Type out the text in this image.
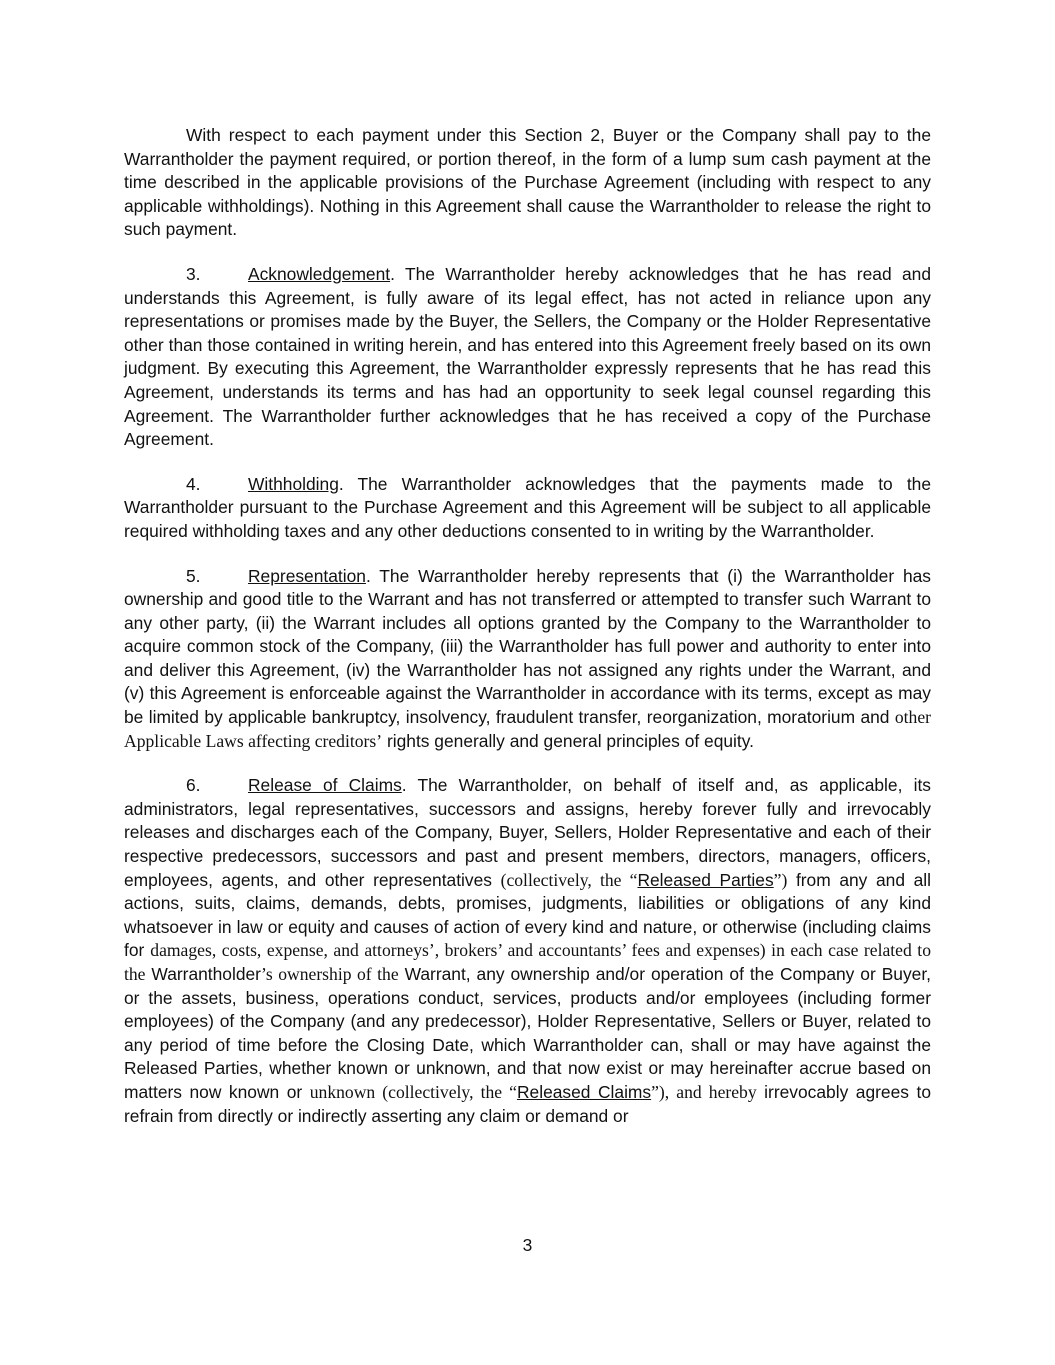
With respect to each payment under this Section 2, Buyer or the Company shall pay to the Warrantholder the payment required, or portion thereof, in the form of a lump sum cash payment at the time described in the applicable provisions of the Purchase Agreement (including with respect to any applicable withholdings). Nothing in this Agreement shall cause the Warrantholder to release the right to such payment.

3.	Acknowledgement. The Warrantholder hereby acknowledges that he has read and understands this Agreement, is fully aware of its legal effect, has not acted in reliance upon any representations or promises made by the Buyer, the Sellers, the Company or the Holder Representative other than those contained in writing herein, and has entered into this Agreement freely based on its own judgment. By executing this Agreement, the Warrantholder expressly represents that he has read this Agreement, understands its terms and has had an opportunity to seek legal counsel regarding this Agreement. The Warrantholder further acknowledges that he has received a copy of the Purchase Agreement.

4.	Withholding. The Warrantholder acknowledges that the payments made to the Warrantholder pursuant to the Purchase Agreement and this Agreement will be subject to all applicable required withholding taxes and any other deductions consented to in writing by the Warrantholder.

5.	Representation. The Warrantholder hereby represents that (i) the Warrantholder has ownership and good title to the Warrant and has not transferred or attempted to transfer such Warrant to any other party, (ii) the Warrant includes all options granted by the Company to the Warrantholder to acquire common stock of the Company, (iii) the Warrantholder has full power and authority to enter into and deliver this Agreement, (iv) the Warrantholder has not assigned any rights under the Warrant, and (v) this Agreement is enforceable against the Warrantholder in accordance with its terms, except as may be limited by applicable bankruptcy, insolvency, fraudulent transfer, reorganization, moratorium and other Applicable Laws affecting creditors’ rights generally and general principles of equity.

6.	Release of Claims. The Warrantholder, on behalf of itself and, as applicable, its administrators, legal representatives, successors and assigns, hereby forever fully and irrevocably releases and discharges each of the Company, Buyer, Sellers, Holder Representative and each of their respective predecessors, successors and past and present members, directors, managers, officers, employees, agents, and other representatives (collectively, the “Released Parties”) from any and all actions, suits, claims, demands, debts, promises, judgments, liabilities or obligations of any kind whatsoever in law or equity and causes of action of every kind and nature, or otherwise (including claims for damages, costs, expense, and attorneys’, brokers’ and accountants’ fees and expenses) in each case related to the Warrantholder’s ownership of the Warrant, any ownership and/or operation of the Company or Buyer, or the assets, business, operations conduct, services, products and/or employees (including former employees) of the Company (and any predecessor), Holder Representative, Sellers or Buyer, related to any period of time before the Closing Date, which Warrantholder can, shall or may have against the Released Parties, whether known or unknown, and that now exist or may hereinafter accrue based on matters now known or unknown (collectively, the “Released Claims”), and hereby irrevocably agrees to refrain from directly or indirectly asserting any claim or demand or

3
